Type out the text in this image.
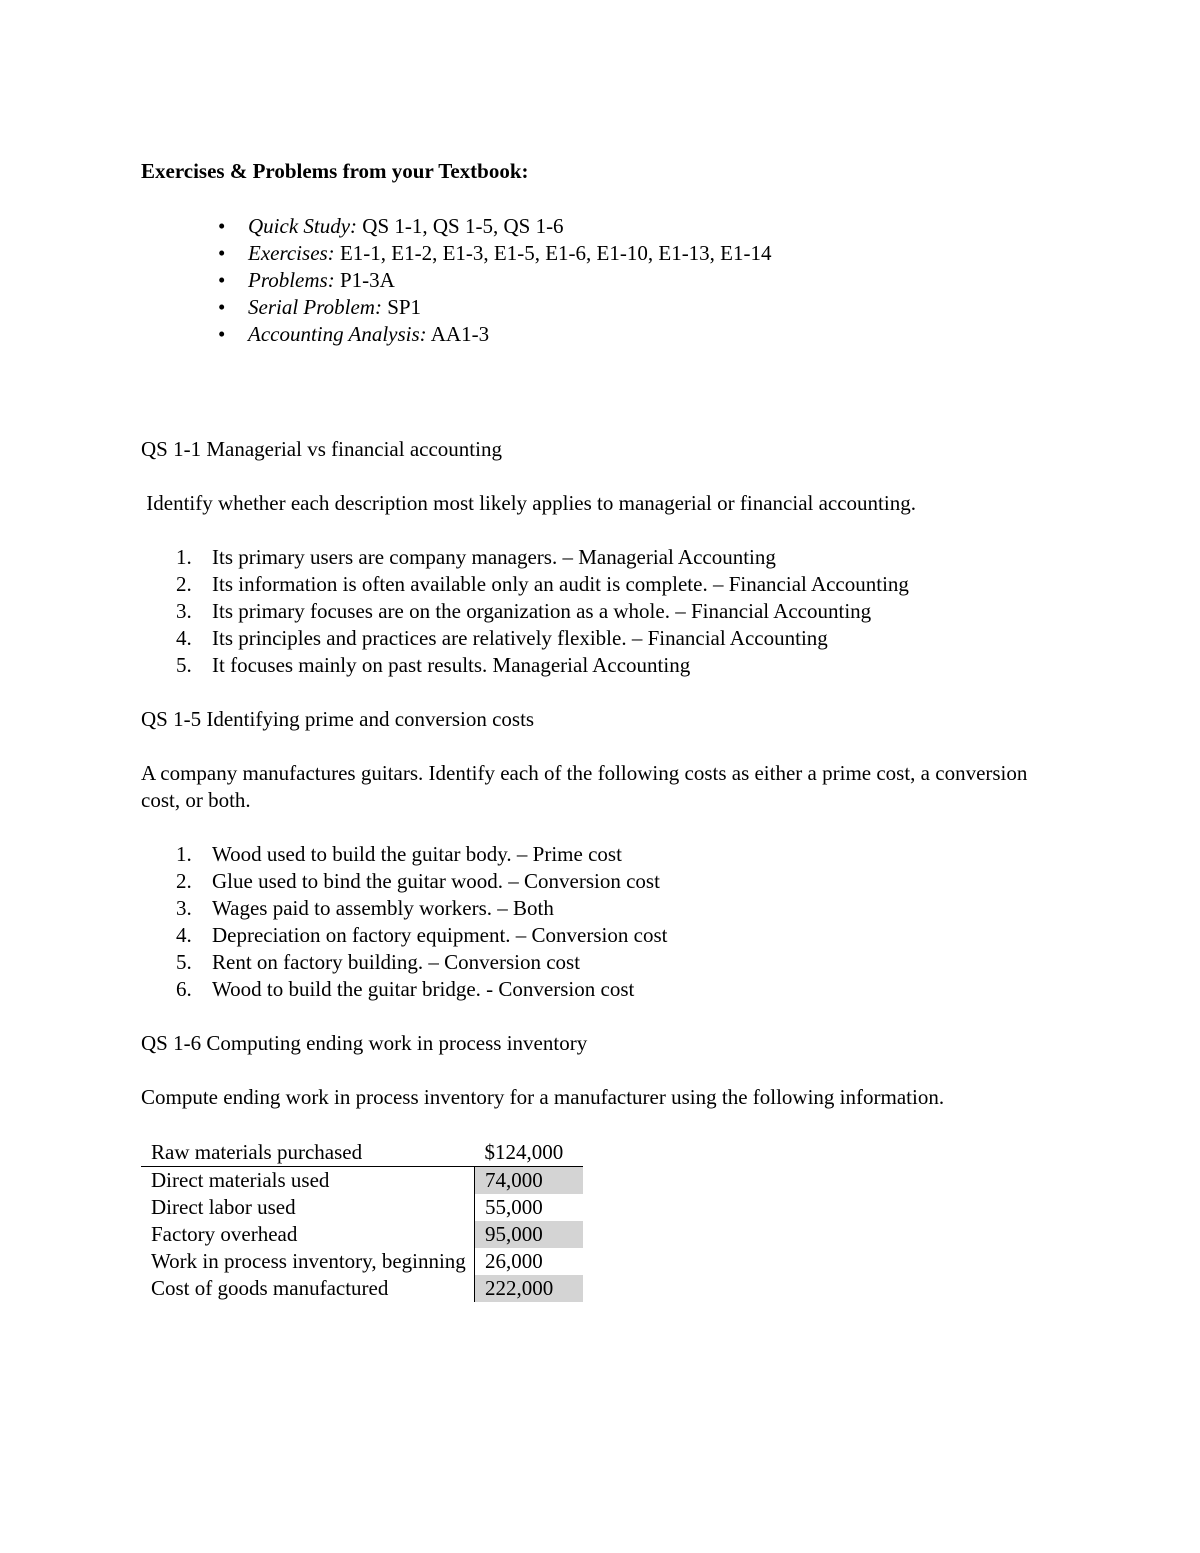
Exercises & Problems from your Textbook:

• Quick Study: QS 1-1, QS 1-5, QS 1-6
• Exercises: E1-1, E1-2, E1-3, E1-5, E1-6, E1-10, E1-13, E1-14
• Problems: P1-3A
• Serial Problem: SP1
• Accounting Analysis: AA1-3

QS 1-1 Managerial vs financial accounting

Identify whether each description most likely applies to managerial or financial accounting.

1. Its primary users are company managers. – Managerial Accounting
2. Its information is often available only an audit is complete. – Financial Accounting
3. Its primary focuses are on the organization as a whole. – Financial Accounting
4. Its principles and practices are relatively flexible. – Financial Accounting
5. It focuses mainly on past results. Managerial Accounting

QS 1-5 Identifying prime and conversion costs

A company manufactures guitars. Identify each of the following costs as either a prime cost, a conversion cost, or both.

1. Wood used to build the guitar body. – Prime cost
2. Glue used to bind the guitar wood. – Conversion cost
3. Wages paid to assembly workers. – Both
4. Depreciation on factory equipment. – Conversion cost
5. Rent on factory building. – Conversion cost
6. Wood to build the guitar bridge. - Conversion cost

QS 1-6 Computing ending work in process inventory

Compute ending work in process inventory for a manufacturer using the following information.

Raw materials purchased	$124,000
Direct materials used	74,000
Direct labor used	55,000
Factory overhead	95,000
Work in process inventory, beginning	26,000
Cost of goods manufactured	222,000
